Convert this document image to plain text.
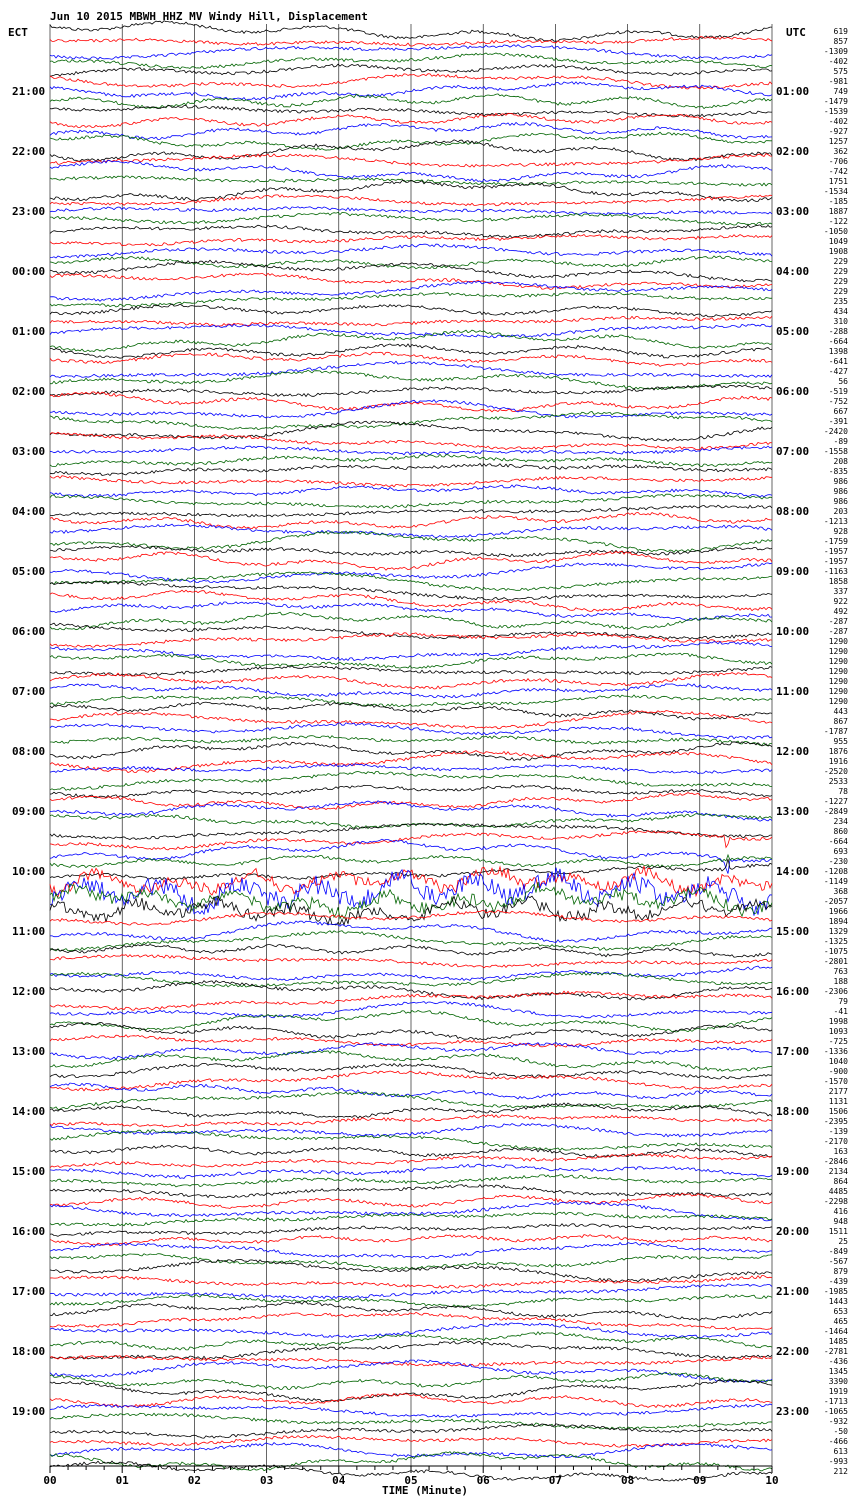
Jun 10 2015 MBWH HHZ MV Windy Hill, Displacement
ECT	UTC
21:00
22:00
23:00
00:00
01:00
02:00
03:00
04:00
05:00
06:00
07:00
08:00
09:00
10:00
11:00
12:00
13:00
14:00
15:00
16:00
17:00
18:00
19:00
01:00
02:00
03:00
04:00
05:00
06:00
07:00
08:00
09:00
10:00
11:00
12:00
13:00
14:00
15:00
16:00
17:00
18:00
19:00
20:00
21:00
22:00
23:00
619
857
-1309
-402
575
-981
749
-1479
-1539
-402
-927
1257
362
-706
-742
1751
-1534
-185
1887
-122
-1050
1049
1908
229
229
229
229
235
434
310
-288
-664
1398
-641
-427
56
-519
-752
667
-391
-2420
-89
-1558
208
-835
986
986
986
203
-1213
928
-1759
-1957
-1957
-1163
1858
337
922
492
-287
-287
1290
1290
1290
1290
1290
1290
1290
443
867
-1787
955
1876
1916
-2520
2533
78
-1227
-2849
234
860
-664
693
-230
-1208
-1149
368
-2057
1966
1894
1329
-1325
-1075
-2801
763
188
-2306
79
-41
1998
1093
-725
-1336
1040
-900
-1570
2177
1131
1506
-2395
-139
-2170
163
-2846
2134
864
4485
-2298
416
948
1511
25
-849
-567
879
-439
-1985
1443
653
465
-1464
1485
-2781
-436
1345
3390
1919
-1713
-1065
-932
-50
-466
613
-993
212
00	01	02	03	04	05	06	07	08	09	10
TIME (Minute)
